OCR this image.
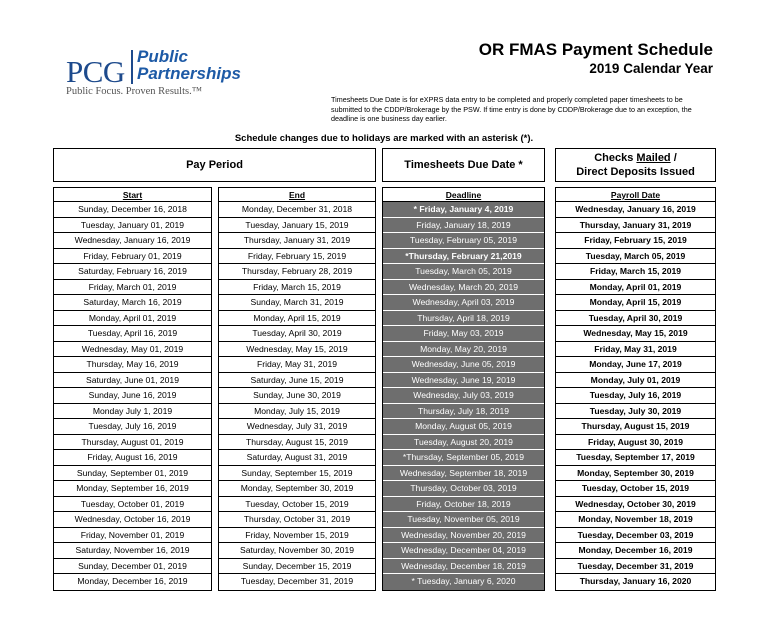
PCG Public
Partnerships
Public Focus. Proven Results.™
OR FMAS Payment Schedule
2019 Calendar Year
Timesheets Due Date is for eXPRS data entry to be completed and properly completed paper timesheets to be submitted to the CDDP/Brokerage by the PSW. If time entry is done by CDDP/Brokerage due to an exception, the deadline is one business day earlier.
Schedule changes due to holidays are marked with an asterisk (*).
Pay Period	Timesheets Due Date *
Checks Mailed /
Direct Deposits Issued
Start
Sunday, December 16, 2018
Tuesday, January 01, 2019
Wednesday, January 16, 2019
Friday, February 01, 2019
Saturday, February 16, 2019
Friday, March 01, 2019
Saturday, March 16, 2019
Monday, April 01, 2019
Tuesday, April 16, 2019
Wednesday, May 01, 2019
Thursday, May 16, 2019
Saturday, June 01, 2019
Sunday, June 16, 2019
Monday July 1, 2019
Tuesday, July 16, 2019
Thursday, August 01, 2019
Friday, August 16, 2019
Sunday, September 01, 2019
Monday, September 16, 2019
Tuesday, October 01, 2019
Wednesday, October 16, 2019
Friday, November 01, 2019
Saturday, November 16, 2019
Sunday, December 01, 2019
Monday, December 16, 2019
End
Monday, December 31, 2018
Tuesday, January 15, 2019
Thursday, January 31, 2019
Friday, February 15, 2019
Thursday, February 28, 2019
Friday, March 15, 2019
Sunday, March 31, 2019
Monday, April 15, 2019
Tuesday, April 30, 2019
Wednesday, May 15, 2019
Friday, May 31, 2019
Saturday, June 15, 2019
Sunday, June 30, 2019
Monday, July 15, 2019
Wednesday, July 31, 2019
Thursday, August 15, 2019
Saturday, August 31, 2019
Sunday, September 15, 2019
Monday, September 30, 2019
Tuesday, October 15, 2019
Thursday, October 31, 2019
Friday, November 15, 2019
Saturday, November 30, 2019
Sunday, December 15, 2019
Tuesday, December 31, 2019
Deadline
* Friday, January 4, 2019
Friday, January 18, 2019
Tuesday, February 05, 2019
*Thursday, February 21,2019
Tuesday, March 05, 2019
Wednesday, March 20, 2019
Wednesday, April 03, 2019
Thursday, April 18, 2019
Friday, May 03, 2019
Monday, May 20, 2019
Wednesday, June 05, 2019
Wednesday, June 19, 2019
Wednesday, July 03, 2019
Thursday, July 18, 2019
Monday, August 05, 2019
Tuesday, August 20, 2019
*Thursday, September 05, 2019
Wednesday, September 18, 2019
Thursday, October 03, 2019
Friday, October 18, 2019
Tuesday, November 05, 2019
Wednesday, November 20, 2019
Wednesday, December 04, 2019
Wednesday, December 18, 2019
* Tuesday, January 6, 2020
Payroll Date
Wednesday, January 16, 2019
Thursday, January 31, 2019
Friday, February 15, 2019
Tuesday, March 05, 2019
Friday, March 15, 2019
Monday, April 01, 2019
Monday, April 15, 2019
Tuesday, April 30, 2019
Wednesday, May 15, 2019
Friday, May 31, 2019
Monday, June 17, 2019
Monday, July 01, 2019
Tuesday, July 16, 2019
Tuesday, July 30, 2019
Thursday, August 15, 2019
Friday, August 30, 2019
Tuesday, September 17, 2019
Monday, September 30, 2019
Tuesday, October 15, 2019
Wednesday, October 30, 2019
Monday, November 18, 2019
Tuesday, December 03, 2019
Monday, December 16, 2019
Tuesday, December 31, 2019
Thursday, January 16, 2020
